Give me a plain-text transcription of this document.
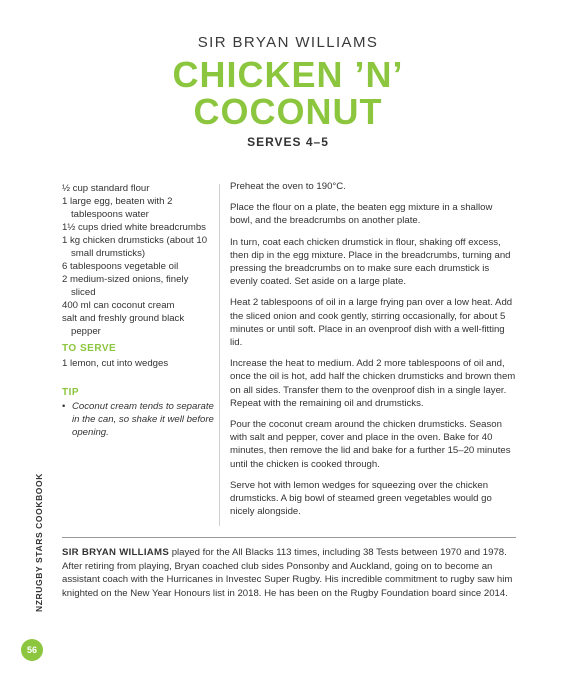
SIR BRYAN WILLIAMS
CHICKEN ’N’
COCONUT
SERVES 4–5

½ cup standard flour

1 large egg, beaten with 2 tablespoons water

1½ cups dried white breadcrumbs

1 kg chicken drumsticks (about 10 small drumsticks)

6 tablespoons vegetable oil

2 medium-sized onions, finely sliced

400 ml can coconut cream

salt and freshly ground black pepper

TO SERVE

1 lemon, cut into wedges

TIP

• Coconut cream tends to separate in the can, so shake it well before opening.

Preheat the oven to 190°C.

Place the flour on a plate, the beaten egg mixture in a shallow bowl, and the breadcrumbs on another plate.

In turn, coat each chicken drumstick in flour, shaking off excess, then dip in the egg mixture. Place in the breadcrumbs, turning and pressing the breadcrumbs on to make sure each drumstick is evenly coated. Set aside on a large plate.

Heat 2 tablespoons of oil in a large frying pan over a low heat. Add the sliced onion and cook gently, stirring occasionally, for about 5 minutes or until soft. Place in an ovenproof dish with a well-fitting lid.

Increase the heat to medium. Add 2 more tablespoons of oil and, once the oil is hot, add half the chicken drumsticks and brown them on all sides. Transfer them to the ovenproof dish in a single layer. Repeat with the remaining oil and drumsticks.

Pour the coconut cream around the chicken drumsticks. Season with salt and pepper, cover and place in the oven. Bake for 40 minutes, then remove the lid and bake for a further 15–20 minutes until the chicken is cooked through.

Serve hot with lemon wedges for squeezing over the chicken drumsticks. A big bowl of steamed green vegetables would go nicely alongside.

SIR BRYAN WILLIAMS played for the All Blacks 113 times, including 38 Tests between 1970 and 1978. After retiring from playing, Bryan coached club sides Ponsonby and Auckland, going on to become an assistant coach with the Hurricanes in Investec Super Rugby. His incredible commitment to rugby saw him knighted on the New Year Honours list in 2018. He has been on the Rugby Foundation board since 2014.
NZRUGBY STARS COOKBOOK
56
